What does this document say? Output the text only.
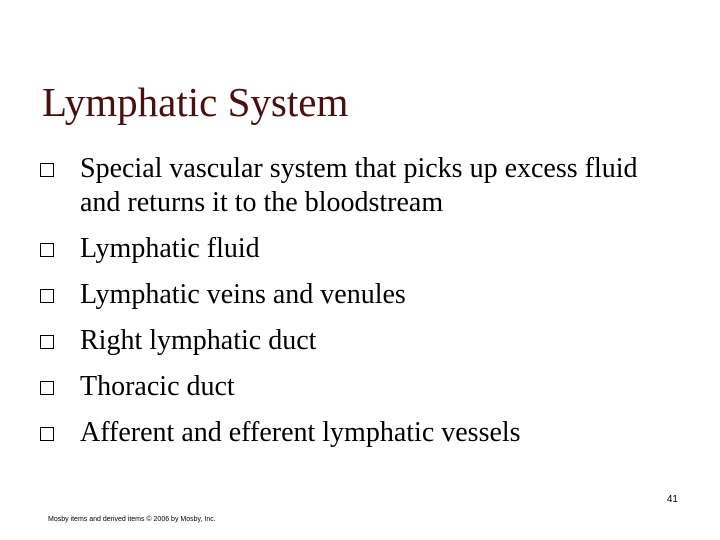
Lymphatic System
Special vascular system that picks up excess fluid and returns it to the bloodstream
Lymphatic fluid
Lymphatic veins and venules
Right lymphatic duct
Thoracic duct
Afferent and efferent lymphatic vessels
41
Mosby items and derived items © 2006 by Mosby, Inc.
